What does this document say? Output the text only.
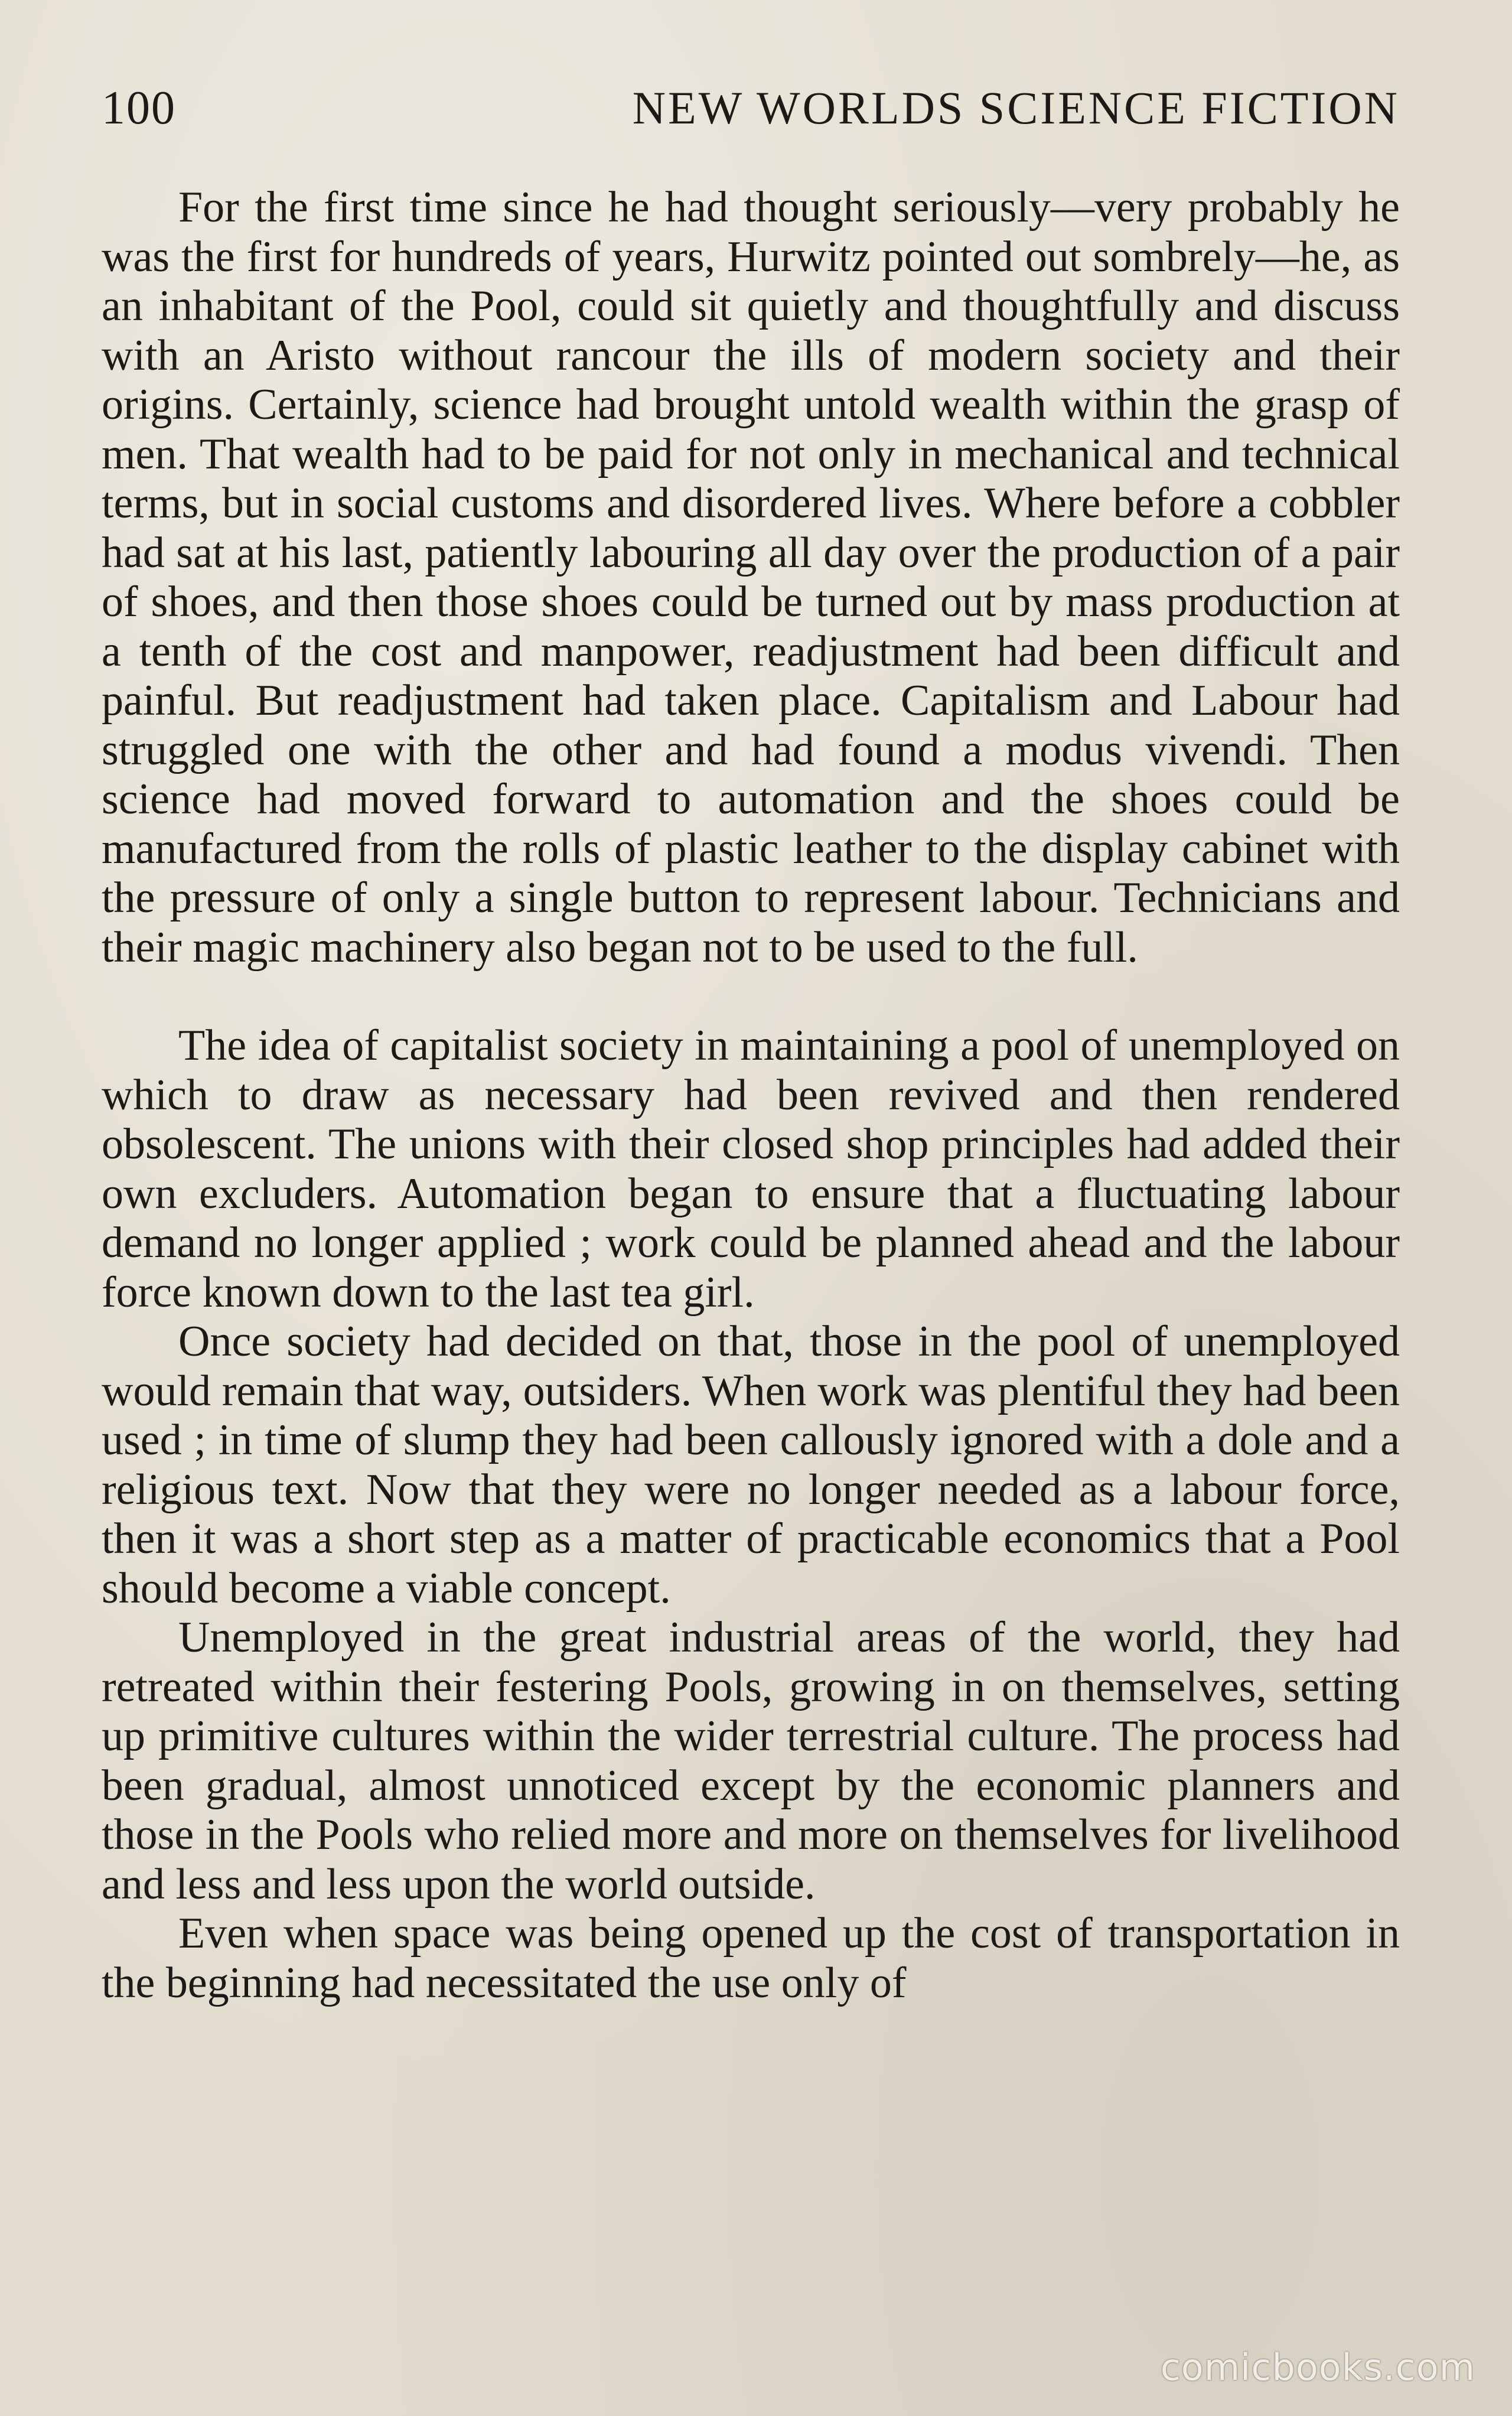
100	NEW WORLDS SCIENCE FICTION

For the first time since he had thought seriously—very probably he was the first for hundreds of years, Hurwitz pointed out sombrely—he, as an inhabitant of the Pool, could sit quietly and thoughtfully and discuss with an Aristo without rancour the ills of modern society and their origins. Certainly, science had brought untold wealth within the grasp of men. That wealth had to be paid for not only in mechanical and technical terms, but in social customs and disordered lives. Where before a cobbler had sat at his last, patiently labouring all day over the production of a pair of shoes, and then those shoes could be turned out by mass production at a tenth of the cost and manpower, readjustment had been difficult and painful. But readjustment had taken place. Capitalism and Labour had struggled one with the other and had found a modus vivendi. Then science had moved forward to automation and the shoes could be manufactured from the rolls of plastic leather to the display cabinet with the pressure of only a single button to represent labour. Technicians and their magic machinery also began not to be used to the full.

The idea of capitalist society in maintaining a pool of unemployed on which to draw as necessary had been revived and then rendered obsolescent. The unions with their closed shop principles had added their own excluders. Automation began to ensure that a fluctuating labour demand no longer applied ; work could be planned ahead and the labour force known down to the last tea girl.

Once society had decided on that, those in the pool of unemployed would remain that way, outsiders. When work was plentiful they had been used ; in time of slump they had been callously ignored with a dole and a religious text. Now that they were no longer needed as a labour force, then it was a short step as a matter of practicable economics that a Pool should become a viable concept.

Unemployed in the great industrial areas of the world, they had retreated within their festering Pools, growing in on themselves, setting up primitive cultures within the wider terrestrial culture. The process had been gradual, almost unnoticed except by the economic planners and those in the Pools who relied more and more on themselves for livelihood and less and less upon the world outside.

Even when space was being opened up the cost of transportation in the beginning had necessitated the use only of

comicbooks.com
